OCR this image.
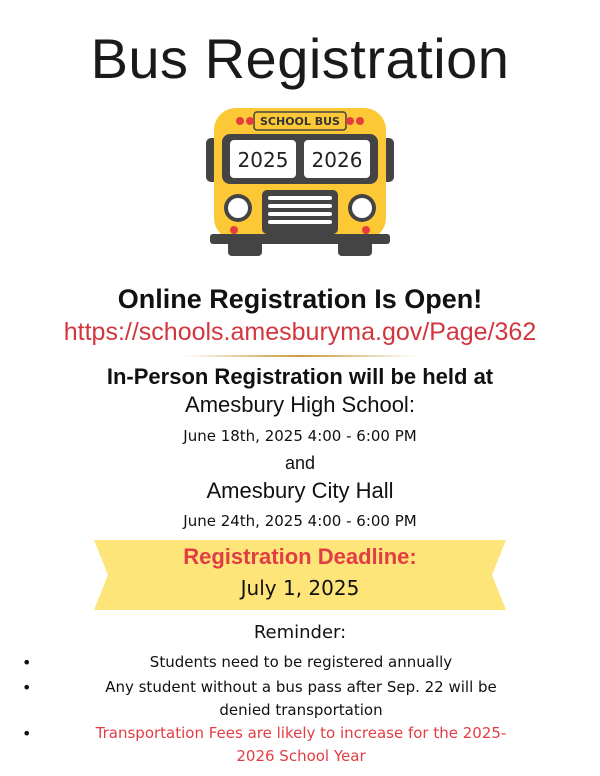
Bus Registration
SCHOOL BUS
2025 2026
Online Registration Is Open!
https://schools.amesburyma.gov/Page/362
In-Person Registration will be held at
Amesbury High School:
June 18th, 2025 4:00 - 6:00 PM
and
Amesbury City Hall
June 24th, 2025 4:00 - 6:00 PM
Registration Deadline:
July 1, 2025
Reminder:
•	Students need to be registered annually
•	Any student without a bus pass after Sep. 22 will be denied transportation
•	Transportation Fees are likely to increase for the 2025-2026 School Year
